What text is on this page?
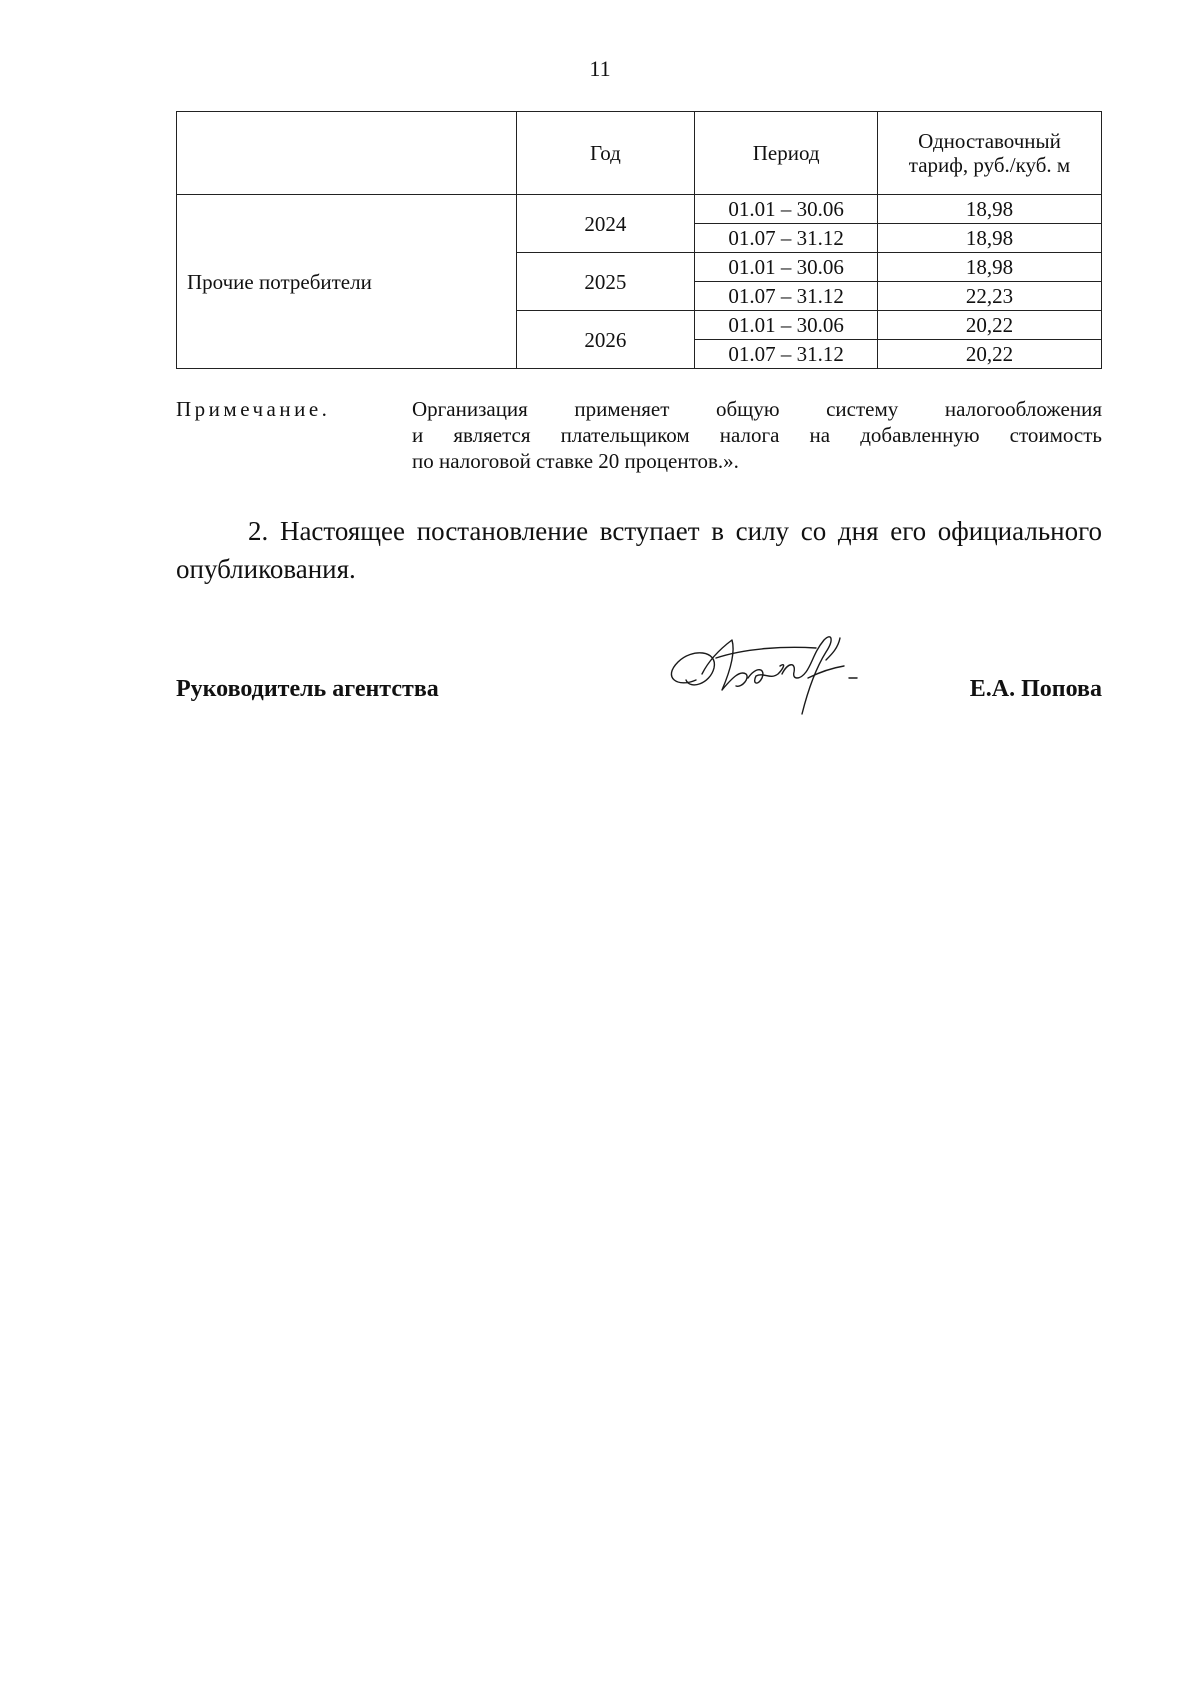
11
	Год	Период	Одноставочный тариф, руб./куб. м
Прочие потребители	2024	01.01 – 30.06	18,98
		01.07 – 31.12	18,98
	2025	01.01 – 30.06	18,98
		01.07 – 31.12	22,23
	2026	01.01 – 30.06	20,22
		01.07 – 31.12	20,22
Примечание.	Организация применяет общую систему налогообложения
и является плательщиком налога на добавленную стоимость
по налоговой ставке 20 процентов.».
2. Настоящее постановление вступает в силу со дня его официального
опубликования.
Руководитель агентства	Е.А. Попова
